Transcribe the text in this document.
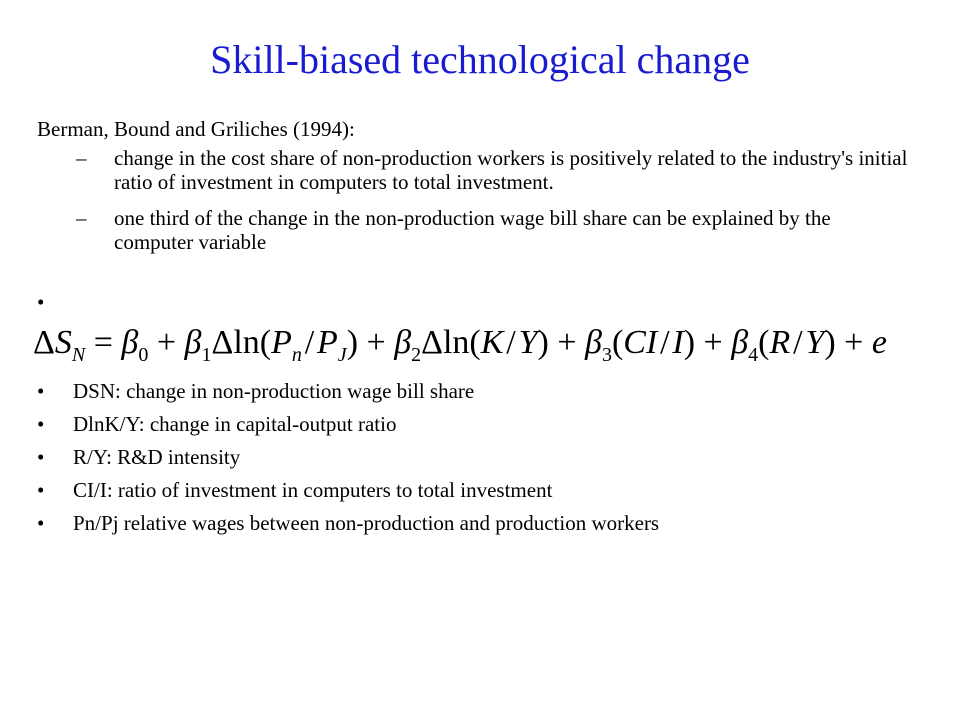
Skill-biased technological change
Berman, Bound and Griliches (1994):
– change in the cost share of non-production workers is positively related to the industry's initial ratio of investment in computers to total investment.
– one third of the change in the non-production wage bill share can be explained by the computer variable
•
$\Delta S_N = \beta_0 + \beta_1\Delta\ln(P_n$ / $P_J) + \beta_2\Delta\ln(K$ / $Y) + \beta_3(CI$ / $I) + \beta_4(R$ / Y) + e
• DSN: change in non-production wage bill share
• DlnK/Y: change in capital-output ratio
• R/Y: R&D intensity
• CI/I: ratio of investment in computers to total investment
• Pn/Pj relative wages between non-production and production workers
